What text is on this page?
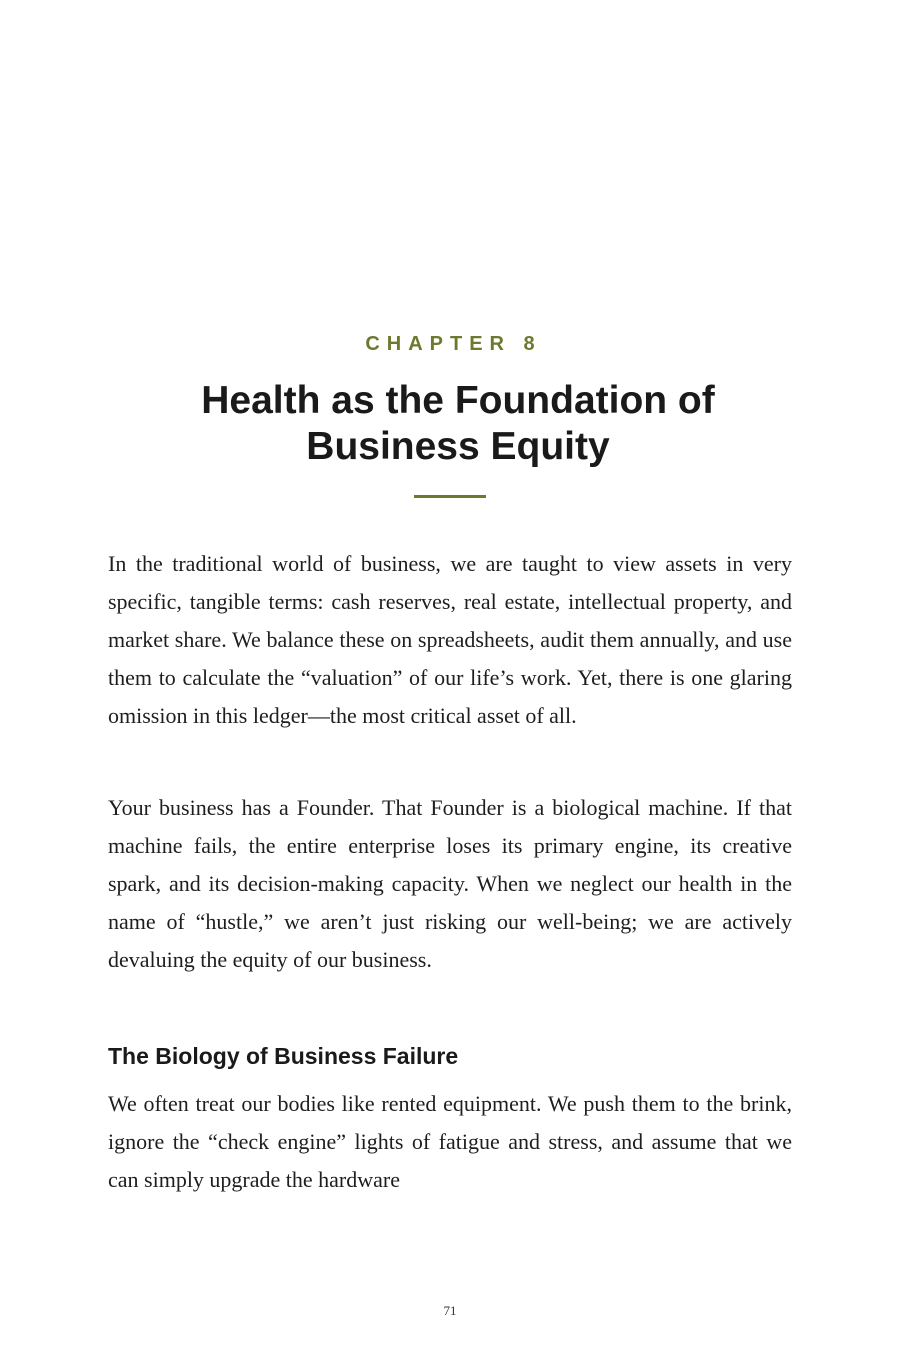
CHAPTER 8
Health as the Foundation of
Business Equity

In the traditional world of business, we are taught to view assets in very specific, tangible terms: cash reserves, real estate, intellectual property, and market share. We balance these on spreadsheets, audit them annually, and use them to calculate the “valuation” of our life’s work. Yet, there is one glaring omission in this ledger—the most critical asset of all.

Your business has a Founder. That Founder is a biological machine. If that machine fails, the entire enterprise loses its primary engine, its creative spark, and its decision-making capacity. When we neglect our health in the name of “hustle,” we aren’t just risking our well-being; we are actively devaluing the equity of our business.

The Biology of Business Failure

We often treat our bodies like rented equipment. We push them to the brink, ignore the “check engine” lights of fatigue and stress, and assume that we can simply upgrade the hardware

71
